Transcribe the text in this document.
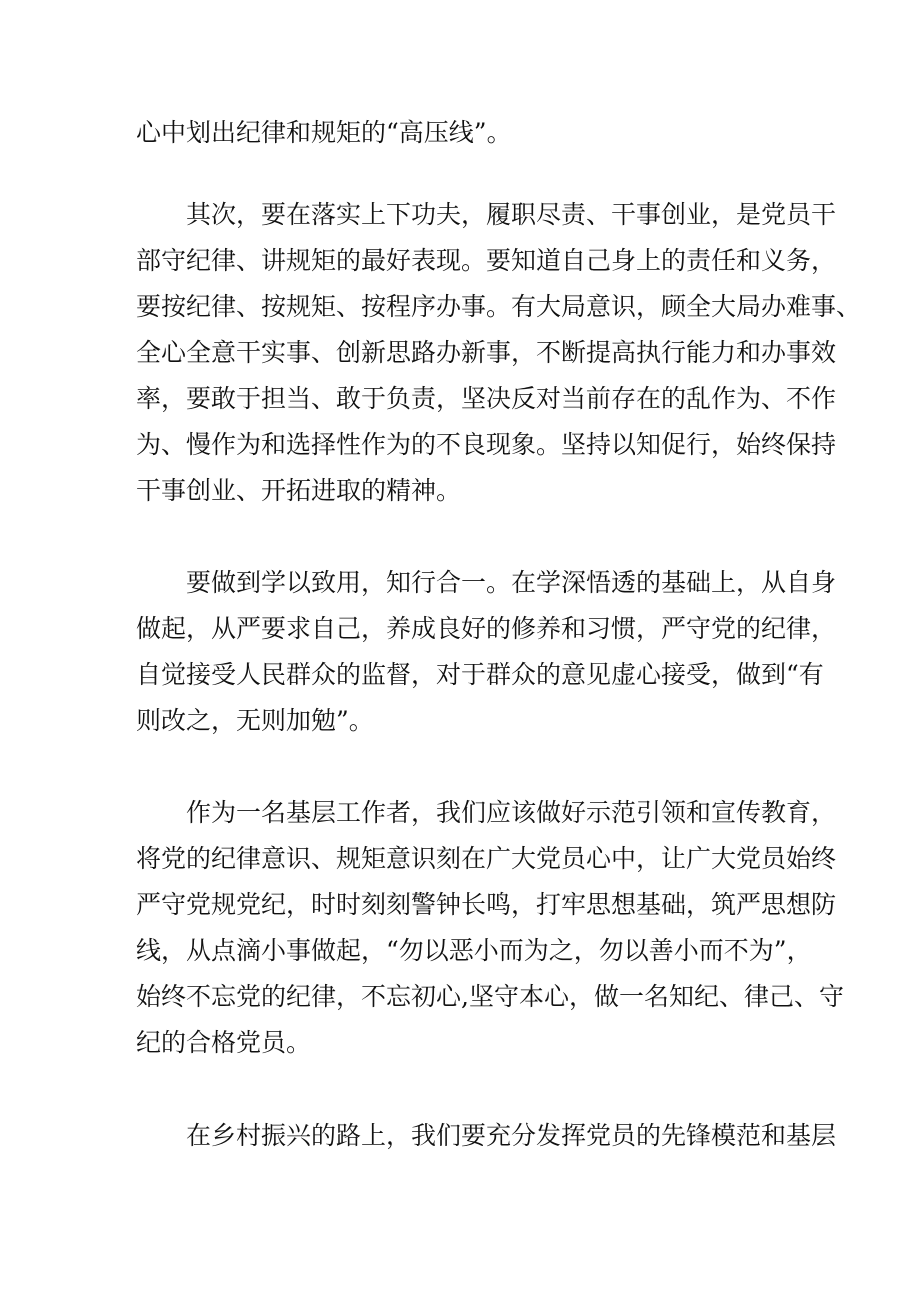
心中划出纪律和规矩的“高压线”。
其次，要在落实上下功夫，履职尽责、干事创业，是党员干
部守纪律、讲规矩的最好表现。要知道自己身上的责任和义务，
要按纪律、按规矩、按程序办事。有大局意识，顾全大局办难事、
全心全意干实事、创新思路办新事，不断提高执行能力和办事效
率，要敢于担当、敢于负责，坚决反对当前存在的乱作为、不作
为、慢作为和选择性作为的不良现象。坚持以知促行，始终保持
干事创业、开拓进取的精神。
要做到学以致用，知行合一。在学深悟透的基础上，从自身
做起，从严要求自己，养成良好的修养和习惯，严守党的纪律，
自觉接受人民群众的监督，对于群众的意见虚心接受，做到“有
则改之，无则加勉”。
作为一名基层工作者，我们应该做好示范引领和宣传教育，
将党的纪律意识、规矩意识刻在广大党员心中，让广大党员始终
严守党规党纪，时时刻刻警钟长鸣，打牢思想基础，筑严思想防
线，从点滴小事做起，“勿以恶小而为之，勿以善小而不为”，
始终不忘党的纪律，不忘初心,坚守本心，做一名知纪、律己、守
纪的合格党员。
在乡村振兴的路上，我们要充分发挥党员的先锋模范和基层
